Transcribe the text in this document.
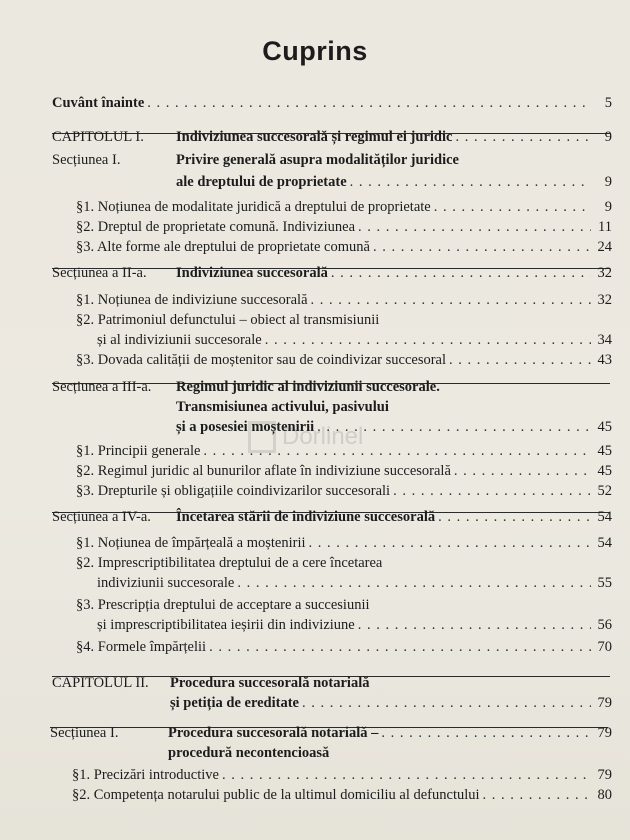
Cuprins
Dorlinel
Cuvânt înainte . . .	5
CAPITOLUL I.	Indiviziunea succesorală și regimul ei juridic . . .	9
Secțiunea I.	Privire generală asupra modalităților juridice
ale dreptului de proprietate . . .	9
§1. Noțiunea de modalitate juridică a dreptului de proprietate . . .	9
§2. Dreptul de proprietate comună. Indiviziunea . . .	11
§3. Alte forme ale dreptului de proprietate comună . . .	24
Secțiunea a II-a.	Indiviziunea succesorală . . .	32
§1. Noțiunea de indiviziune succesorală . . .	32
§2. Patrimoniul defunctului – obiect al transmisiunii
și al indiviziunii succesorale . . .	34
§3. Dovada calității de moștenitor sau de coindivizar succesoral . . .	43
Secțiunea a III-a.	Regimul juridic al indiviziunii succesorale.
Transmisiunea activului, pasivului
și a posesiei moștenirii . . .	45
§1. Principii generale . . .	45
§2. Regimul juridic al bunurilor aflate în indiviziune succesorală . . .	45
§3. Drepturile și obligațiile coindivizarilor succesorali . . .	52
Secțiunea a IV-a.	Încetarea stării de indiviziune succesorală . . .	54
§1. Noțiunea de împărțeală a moștenirii . . .	54
§2. Imprescriptibilitatea dreptului de a cere încetarea
indiviziunii succesorale . . .	55
§3. Prescripția dreptului de acceptare a succesiunii
și imprescriptibilitatea ieșirii din indiviziune . . .	56
§4. Formele împărțelii . . .	70
CAPITOLUL II.	Procedura succesorală notarială
și petiția de ereditate . . .	79
Secțiunea I.	Procedura succesorală notarială – . . .	79
procedură necontencioasă
§1. Precizări introductive . . .	79
§2. Competența notarului public de la ultimul domiciliu al defunctului . . .	80
